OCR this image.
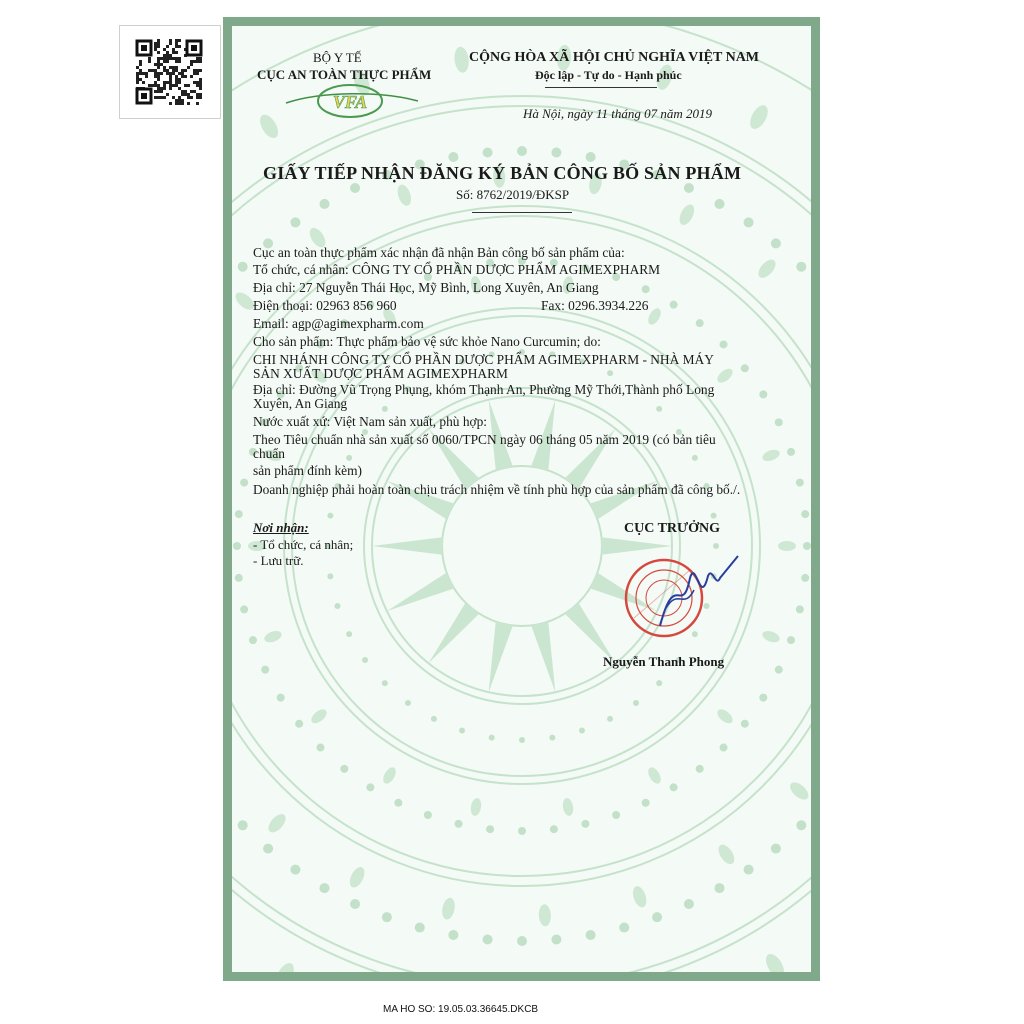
BỘ Y TẾ
CỤC AN TOÀN THỰC PHẨM
VFA
CỘNG HÒA XÃ HỘI CHỦ NGHĨA VIỆT NAM
Độc lập - Tự do - Hạnh phúc
Hà Nội, ngày 11 tháng 07 năm 2019
GIẤY TIẾP NHẬN ĐĂNG KÝ BẢN CÔNG BỐ SẢN PHẨM
Số: 8762/2019/ĐKSP
Cục an toàn thực phẩm xác nhận đã nhận Bản công bố sản phẩm của:
Tổ chức, cá nhân: CÔNG TY CỔ PHẦN DƯỢC PHẨM AGIMEXPHARM
Địa chỉ: 27 Nguyễn Thái Học, Mỹ Bình, Long Xuyên, An Giang
Điện thoại: 02963 856 960	Fax: 0296.3934.226
Email: agp@agimexpharm.com
Cho sản phẩm: Thực phẩm bảo vệ sức khỏe Nano Curcumin; do:
CHI NHÁNH CÔNG TY CỔ PHẦN DƯỢC PHẨM AGIMEXPHARM - NHÀ MÁY
SẢN XUẤT DƯỢC PHẨM AGIMEXPHARM
Địa chỉ: Đường Vũ Trọng Phụng, khóm Thạnh An, Phường Mỹ Thới,Thành phố Long
Xuyên, An Giang
Nước xuất xứ: Việt Nam sản xuất, phù hợp:
Theo Tiêu chuẩn nhà sản xuất số 0060/TPCN ngày 06 tháng 05 năm 2019 (có bản tiêu
chuẩn
sản phẩm đính kèm)
Doanh nghiệp phải hoàn toàn chịu trách nhiệm về tính phù hợp của sản phẩm đã công bố./.
Nơi nhận:
- Tổ chức, cá nhân;
- Lưu trữ.
CỤC TRƯỞNG
Nguyễn Thanh Phong
MA HO SO: 19.05.03.36645.DKCB
